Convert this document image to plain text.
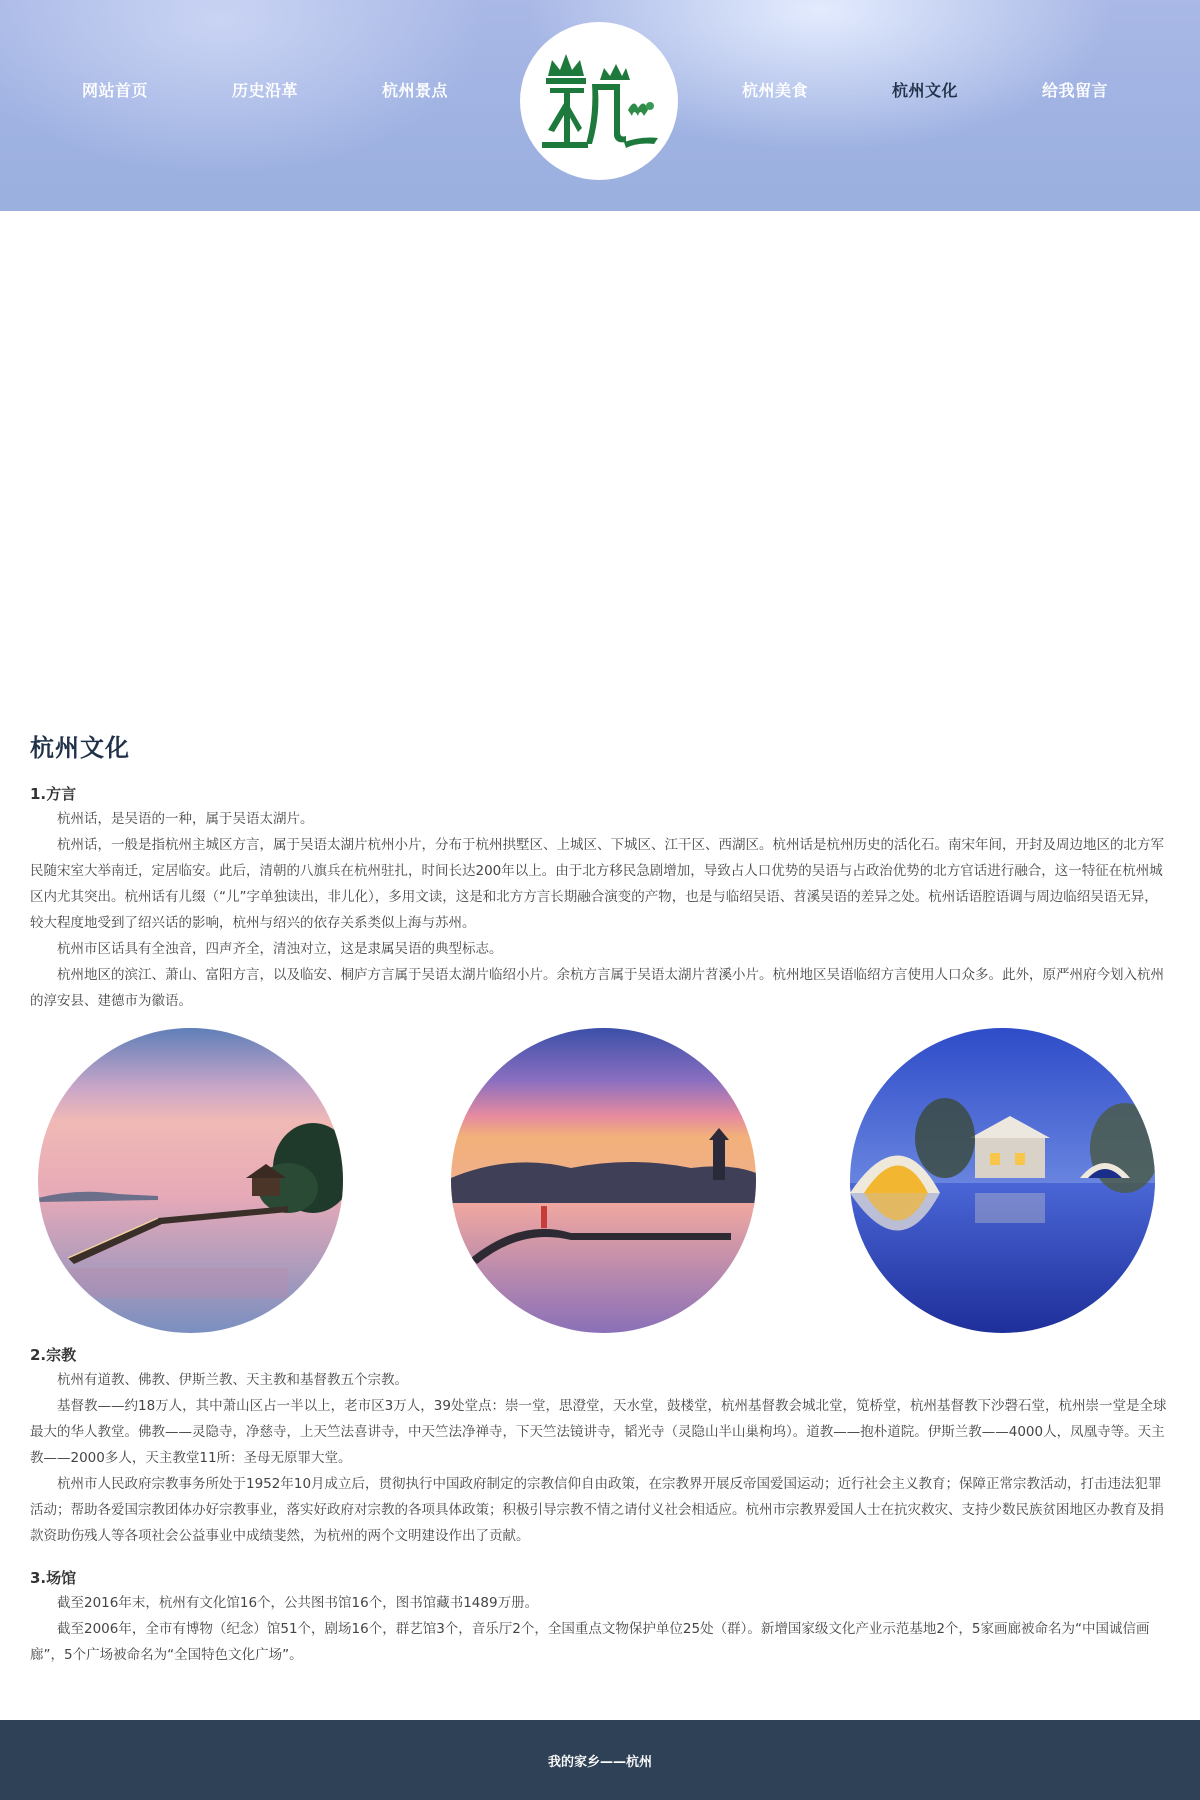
网站首页	历史沿革	杭州景点	杭州美食	杭州文化	给我留言
杭州文化
1.方言

杭州话，是吴语的一种，属于吴语太湖片。

杭州话，一般是指杭州主城区方言，属于吴语太湖片杭州小片，分布于杭州拱墅区、上城区、下城区、江干区、西湖区。杭州话是杭州历史的活化石。南宋年间，开封及周边地区的北方军民随宋室大举南迁，定居临安。此后，清朝的八旗兵在杭州驻扎，时间长达200年以上。由于北方移民急剧增加，导致占人口优势的吴语与占政治优势的北方官话进行融合，这一特征在杭州城区内尤其突出。杭州话有儿缀（“儿”字单独读出，非儿化），多用文读，这是和北方方言长期融合演变的产物，也是与临绍吴语、苕溪吴语的差异之处。杭州话语腔语调与周边临绍吴语无异，较大程度地受到了绍兴话的影响，杭州与绍兴的依存关系类似上海与苏州。

杭州市区话具有全浊音，四声齐全，清浊对立，这是隶属吴语的典型标志。

杭州地区的滨江、萧山、富阳方言，以及临安、桐庐方言属于吴语太湖片临绍小片。余杭方言属于吴语太湖片苕溪小片。杭州地区吴语临绍方言使用人口众多。此外，原严州府今划入杭州的淳安县、建德市为徽语。

2.宗教

杭州有道教、佛教、伊斯兰教、天主教和基督教五个宗教。

基督教——约18万人，其中萧山区占一半以上，老市区3万人，39处堂点：崇一堂，思澄堂，天水堂，鼓楼堂，杭州基督教会城北堂，笕桥堂，杭州基督教下沙磬石堂，杭州崇一堂是全球最大的华人教堂。佛教——灵隐寺，净慈寺，上天竺法喜讲寺，中天竺法净禅寺，下天竺法镜讲寺，韬光寺（灵隐山半山巢枸坞）。道教——抱朴道院。伊斯兰教——4000人，凤凰寺等。天主教——2000多人，天主教堂11所：圣母无原罪大堂。

杭州市人民政府宗教事务所处于1952年10月成立后，贯彻执行中国政府制定的宗教信仰自由政策，在宗教界开展反帝国爱国运动；近行社会主义教育；保障正常宗教活动，打击违法犯罪活动；帮助各爱国宗教团体办好宗教事业，落实好政府对宗教的各项具体政策；积极引导宗教不情之请付义社会相适应。杭州市宗教界爱国人士在抗灾救灾、支持少数民族贫困地区办教育及捐款资助伤残人等各项社会公益事业中成绩斐然，为杭州的两个文明建设作出了贡献。

3.场馆

截至2016年末，杭州有文化馆16个，公共图书馆16个，图书馆藏书1489万册。

截至2006年，全市有博物（纪念）馆51个，剧场16个，群艺馆3个，音乐厅2个，全国重点文物保护单位25处（群）。新增国家级文化产业示范基地2个，5家画廊被命名为“中国诚信画廊”，5个广场被命名为“全国特色文化广场”。

我的家乡——杭州
